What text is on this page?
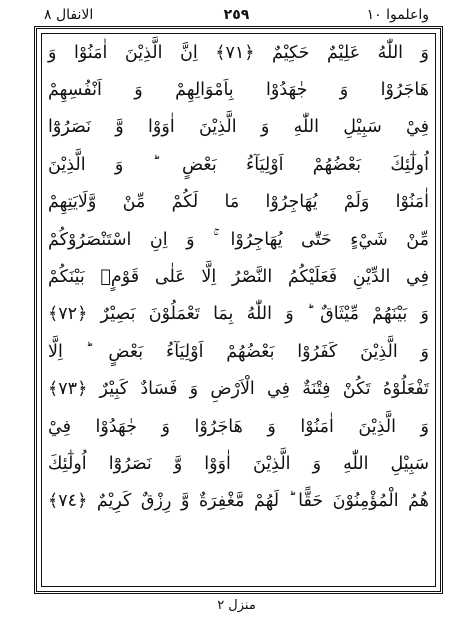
واعلموا ١٠
٢٥٩
الانفال ٨
وَ اللّٰهُ عَلِيْمٌ حَكِيْمٌ ﴿٧١﴾ اِنَّ الَّذِيْنَ اٰمَنُوْا وَ
هَاجَرُوْا وَ جٰهَدُوْا بِاَمْوَالِهِمْ وَ اَنْفُسِهِمْ
فِيْ سَبِيْلِ اللّٰهِ وَ الَّذِيْنَ اٰوَوْا وَّ نَصَرُوْٓا
اُولٰٓئِكَ بَعْضُهُمْ اَوْلِيَآءُ بَعْضٍ ؕ وَ الَّذِيْنَ
اٰمَنُوْا وَلَمْ يُهَاجِرُوْا مَا لَكُمْ مِّنْ وَّلَايَتِهِمْ
مِّنْ شَيْءٍ حَتّٰى يُهَاجِرُوْا ۚ وَ اِنِ اسْتَنْصَرُوْكُمْ
فِي الدِّيْنِ فَعَلَيْكُمُ النَّصْرُ اِلَّا عَلٰى قَوْمٍۭ بَيْنَكُمْ
وَ بَيْنَهُمْ مِّيْثَاقٌ ؕ وَ اللّٰهُ بِمَا تَعْمَلُوْنَ بَصِيْرٌ ﴿٧٢﴾
وَ الَّذِيْنَ كَفَرُوْا بَعْضُهُمْ اَوْلِيَآءُ بَعْضٍ ؕ اِلَّا
تَفْعَلُوْهُ تَكُنْ فِتْنَةٌ فِي الْاَرْضِ وَ فَسَادٌ كَبِيْرٌ ﴿٧٣﴾
وَ الَّذِيْنَ اٰمَنُوْا وَ هَاجَرُوْا وَ جٰهَدُوْا فِيْ
سَبِيْلِ اللّٰهِ وَ الَّذِيْنَ اٰوَوْا وَّ نَصَرُوْٓا اُولٰٓئِكَ
هُمُ الْمُؤْمِنُوْنَ حَقًّا ؕ لَهُمْ مَّغْفِرَةٌ وَّ رِزْقٌ كَرِيْمٌ ﴿٧٤﴾
منزل ٢
